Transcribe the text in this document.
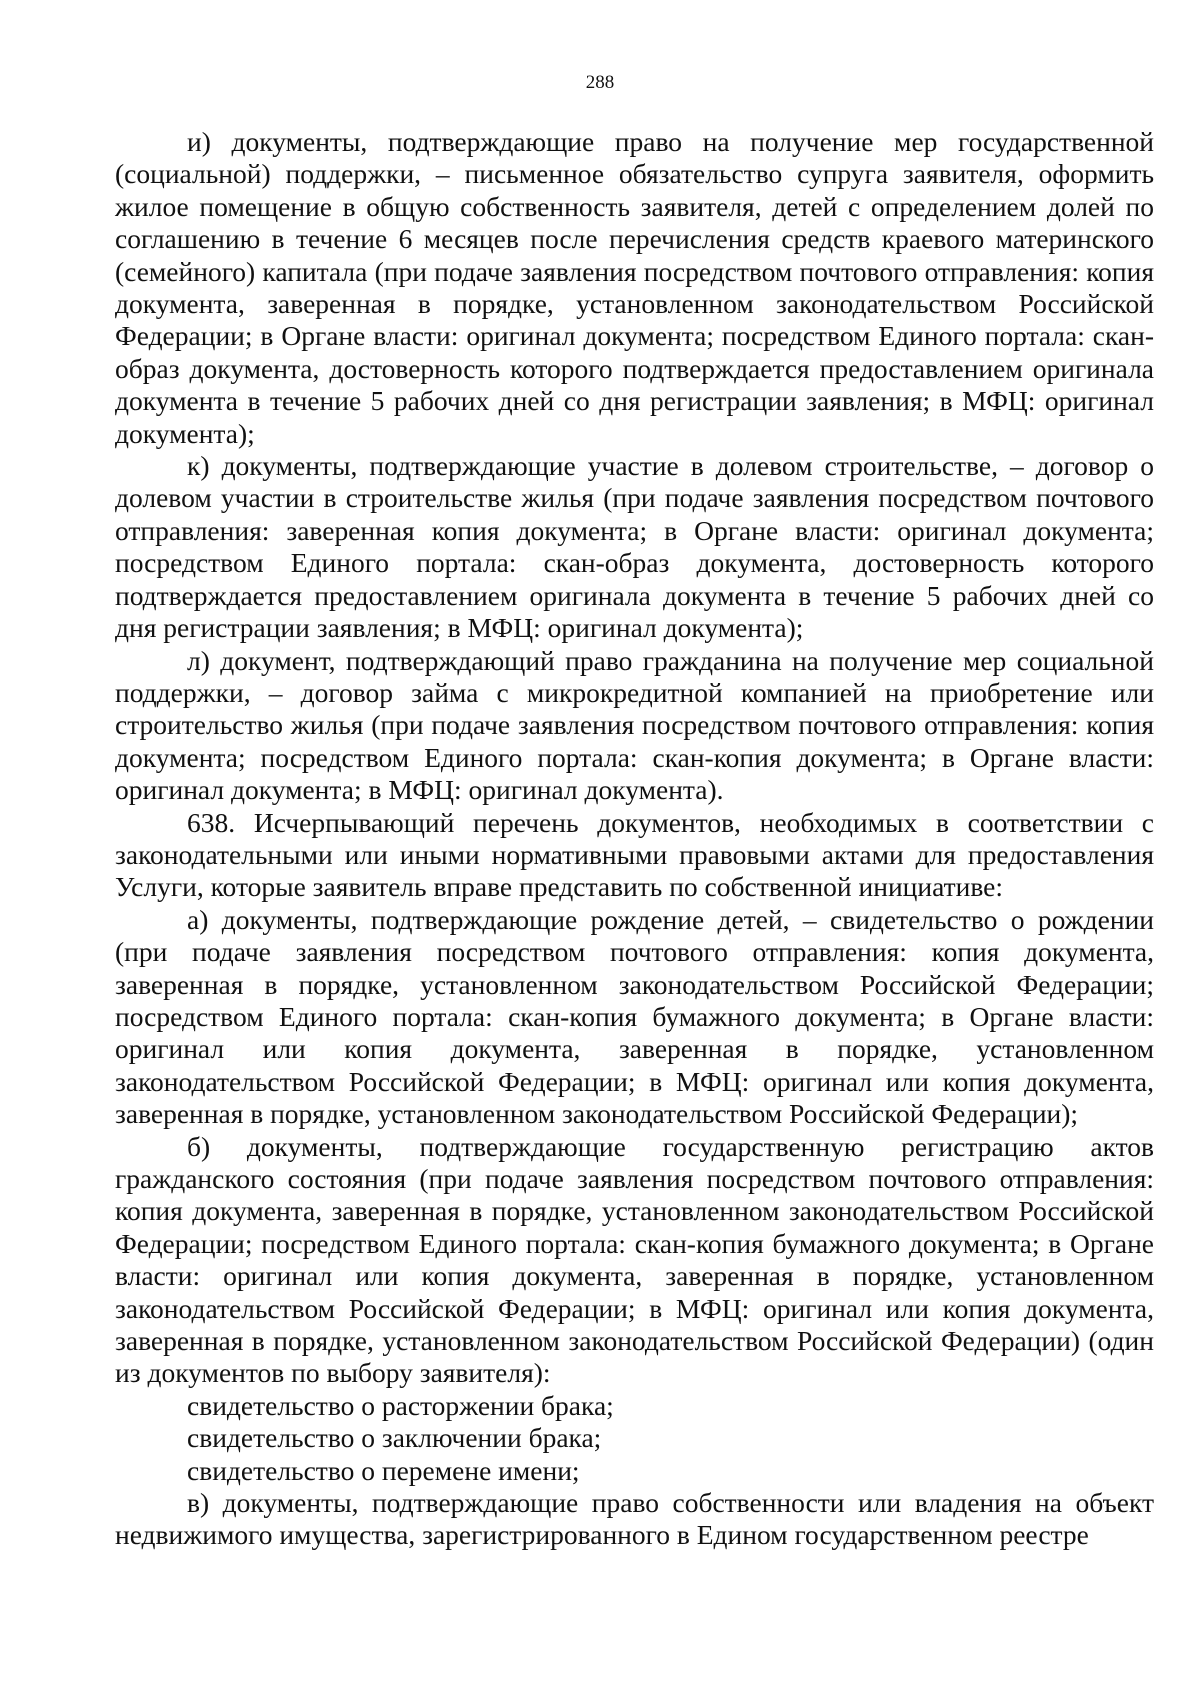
288

и) документы, подтверждающие право на получение мер государственной (социальной) поддержки, – письменное обязательство супруга заявителя, оформить жилое помещение в общую собственность заявителя, детей с определением долей по соглашению в течение 6 месяцев после перечисления средств краевого материнского (семейного) капитала (при подаче заявления посредством почтового отправления: копия документа, заверенная в порядке, установленном законодательством Российской Федерации; в Органе власти: оригинал документа; посредством Единого портала: скан-образ документа, достоверность которого подтверждается предоставлением оригинала документа в течение 5 рабочих дней со дня регистрации заявления; в МФЦ: оригинал документа);

к) документы, подтверждающие участие в долевом строительстве, – договор о долевом участии в строительстве жилья (при подаче заявления посредством почтового отправления: заверенная копия документа; в Органе власти: оригинал документа; посредством Единого портала: скан-образ документа, достоверность которого подтверждается предоставлением оригинала документа в течение 5 рабочих дней со дня регистрации заявления; в МФЦ: оригинал документа);

л) документ, подтверждающий право гражданина на получение мер социальной поддержки, – договор займа с микрокредитной компанией на приобретение или строительство жилья (при подаче заявления посредством почтового отправления: копия документа; посредством Единого портала: скан-копия документа; в Органе власти: оригинал документа; в МФЦ: оригинал документа).

638. Исчерпывающий перечень документов, необходимых в соответствии с законодательными или иными нормативными правовыми актами для предоставления Услуги, которые заявитель вправе представить по собственной инициативе:

а) документы, подтверждающие рождение детей, – свидетельство о рождении (при подаче заявления посредством почтового отправления: копия документа, заверенная в порядке, установленном законодательством Российской Федерации; посредством Единого портала: скан-копия бумажного документа; в Органе власти: оригинал или копия документа, заверенная в порядке, установленном законодательством Российской Федерации; в МФЦ: оригинал или копия документа, заверенная в порядке, установленном законодательством Российской Федерации);

б) документы, подтверждающие государственную регистрацию актов гражданского состояния (при подаче заявления посредством почтового отправления: копия документа, заверенная в порядке, установленном законодательством Российской Федерации; посредством Единого портала: скан-копия бумажного документа; в Органе власти: оригинал или копия документа, заверенная в порядке, установленном законодательством Российской Федерации; в МФЦ: оригинал или копия документа, заверенная в порядке, установленном законодательством Российской Федерации) (один из документов по выбору заявителя):

свидетельство о расторжении брака;

свидетельство о заключении брака;

свидетельство о перемене имени;

в) документы, подтверждающие право собственности или владения на объект недвижимого имущества, зарегистрированного в Едином государственном реестре
